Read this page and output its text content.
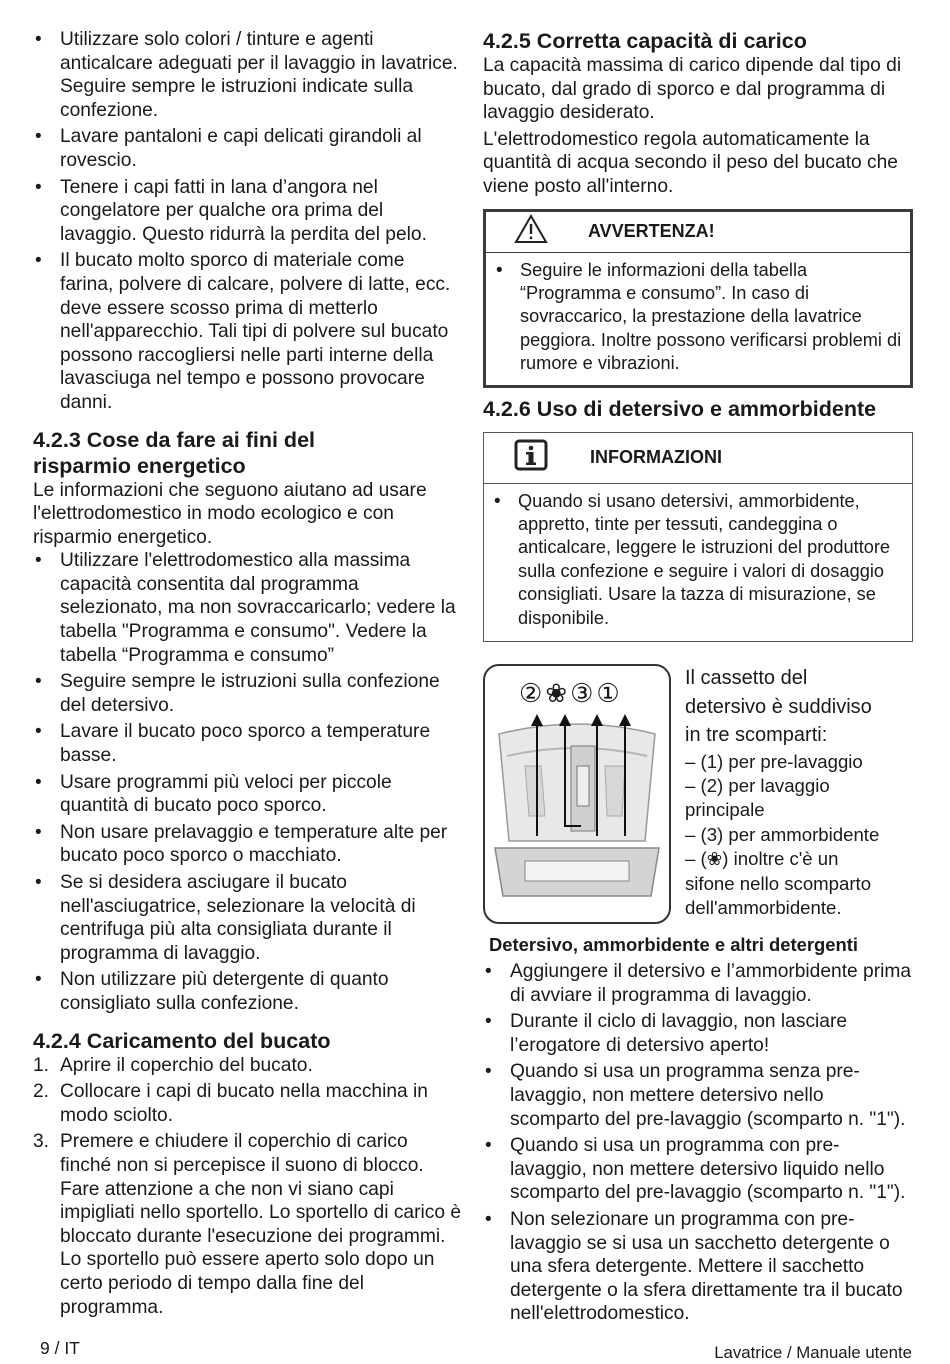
• Utilizzare solo colori / tinture e agenti anticalcare adeguati per il lavaggio in lavatrice. Seguire sempre le istruzioni indicate sulla confezione.
• Lavare pantaloni e capi delicati girandoli al rovescio.
• Tenere i capi fatti in lana d’angora nel congelatore per qualche ora prima del lavaggio. Questo ridurrà la perdita del pelo.
• Il bucato molto sporco di materiale come farina, polvere di calcare, polvere di latte, ecc. deve essere scosso prima di metterlo nell'apparecchio. Tali tipi di polvere sul bucato possono raccogliersi nelle parti interne della lavasciuga nel tempo e possono provocare danni.
4.2.3 Cose da fare ai fini del
risparmio energetico

Le informazioni che seguono aiutano ad usare l'elettrodomestico in modo ecologico e con risparmio energetico.

• Utilizzare l'elettrodomestico alla massima capacità consentita dal programma selezionato, ma non sovraccaricarlo; vedere la tabella "Programma e consumo". Vedere la tabella “Programma e consumo”
• Seguire sempre le istruzioni sulla confezione del detersivo.
• Lavare il bucato poco sporco a temperature basse.
• Usare programmi più veloci per piccole quantità di bucato poco sporco.
• Non usare prelavaggio e temperature alte per bucato poco sporco o macchiato.
• Se si desidera asciugare il bucato nell'asciugatrice, selezionare la velocità di centrifuga più alta consigliata durante il programma di lavaggio.
• Non utilizzare più detergente di quanto consigliato sulla confezione.
4.2.4 Caricamento del bucato
1. Aprire il coperchio del bucato.
2. Collocare i capi di bucato nella macchina in modo sciolto.
3. Premere e chiudere il coperchio di carico finché non si percepisce il suono di blocco. Fare attenzione a che non vi siano capi impigliati nello sportello. Lo sportello di carico è bloccato durante l'esecuzione dei programmi. Lo sportello può essere aperto solo dopo un certo periodo di tempo dalla fine del programma.
4.2.5 Corretta capacità di carico

La capacità massima di carico dipende dal tipo di bucato, dal grado di sporco e dal programma di lavaggio desiderato.

L'elettrodomestico regola automaticamente la quantità di acqua secondo il peso del bucato che viene posto all'interno.

AVVERTENZA!
• Seguire le informazioni della tabella “Programma e consumo”. In caso di sovraccarico, la prestazione della lavatrice peggiora. Inoltre possono verificarsi problemi di rumore e vibrazioni.
4.2.6 Uso di detersivo e ammorbidente
INFORMAZIONI
• Quando si usano detersivi, ammorbidente, appretto, tinte per tessuti, candeggina o anticalcare, leggere le istruzioni del produttore sulla confezione e seguire i valori di dosaggio consigliati. Usare la tazza di misurazione, se disponibile.
② ❀ ③ ①	Il cassetto del
detersivo è suddiviso
in tre scomparti:
– (1) per pre-lavaggio
– (2) per lavaggio
principale
– (3) per ammorbidente
– (❀) inoltre c'è un
sifone nello scomparto
dell'ammorbidente.
Detersivo, ammorbidente e altri detergenti
• Aggiungere il detersivo e l’ammorbidente prima di avviare il programma di lavaggio.
• Durante il ciclo di lavaggio, non lasciare l’erogatore di detersivo aperto!
• Quando si usa un programma senza pre-lavaggio, non mettere detersivo nello scomparto del pre-lavaggio (scomparto n. "1").
• Quando si usa un programma con pre-lavaggio, non mettere detersivo liquido nello scomparto del pre-lavaggio (scomparto n. "1").
• Non selezionare un programma con pre-lavaggio se si usa un sacchetto detergente o una sfera detergente. Mettere il sacchetto detergente o la sfera direttamente tra il bucato nell'elettrodomestico.
9 / IT	Lavatrice / Manuale utente
